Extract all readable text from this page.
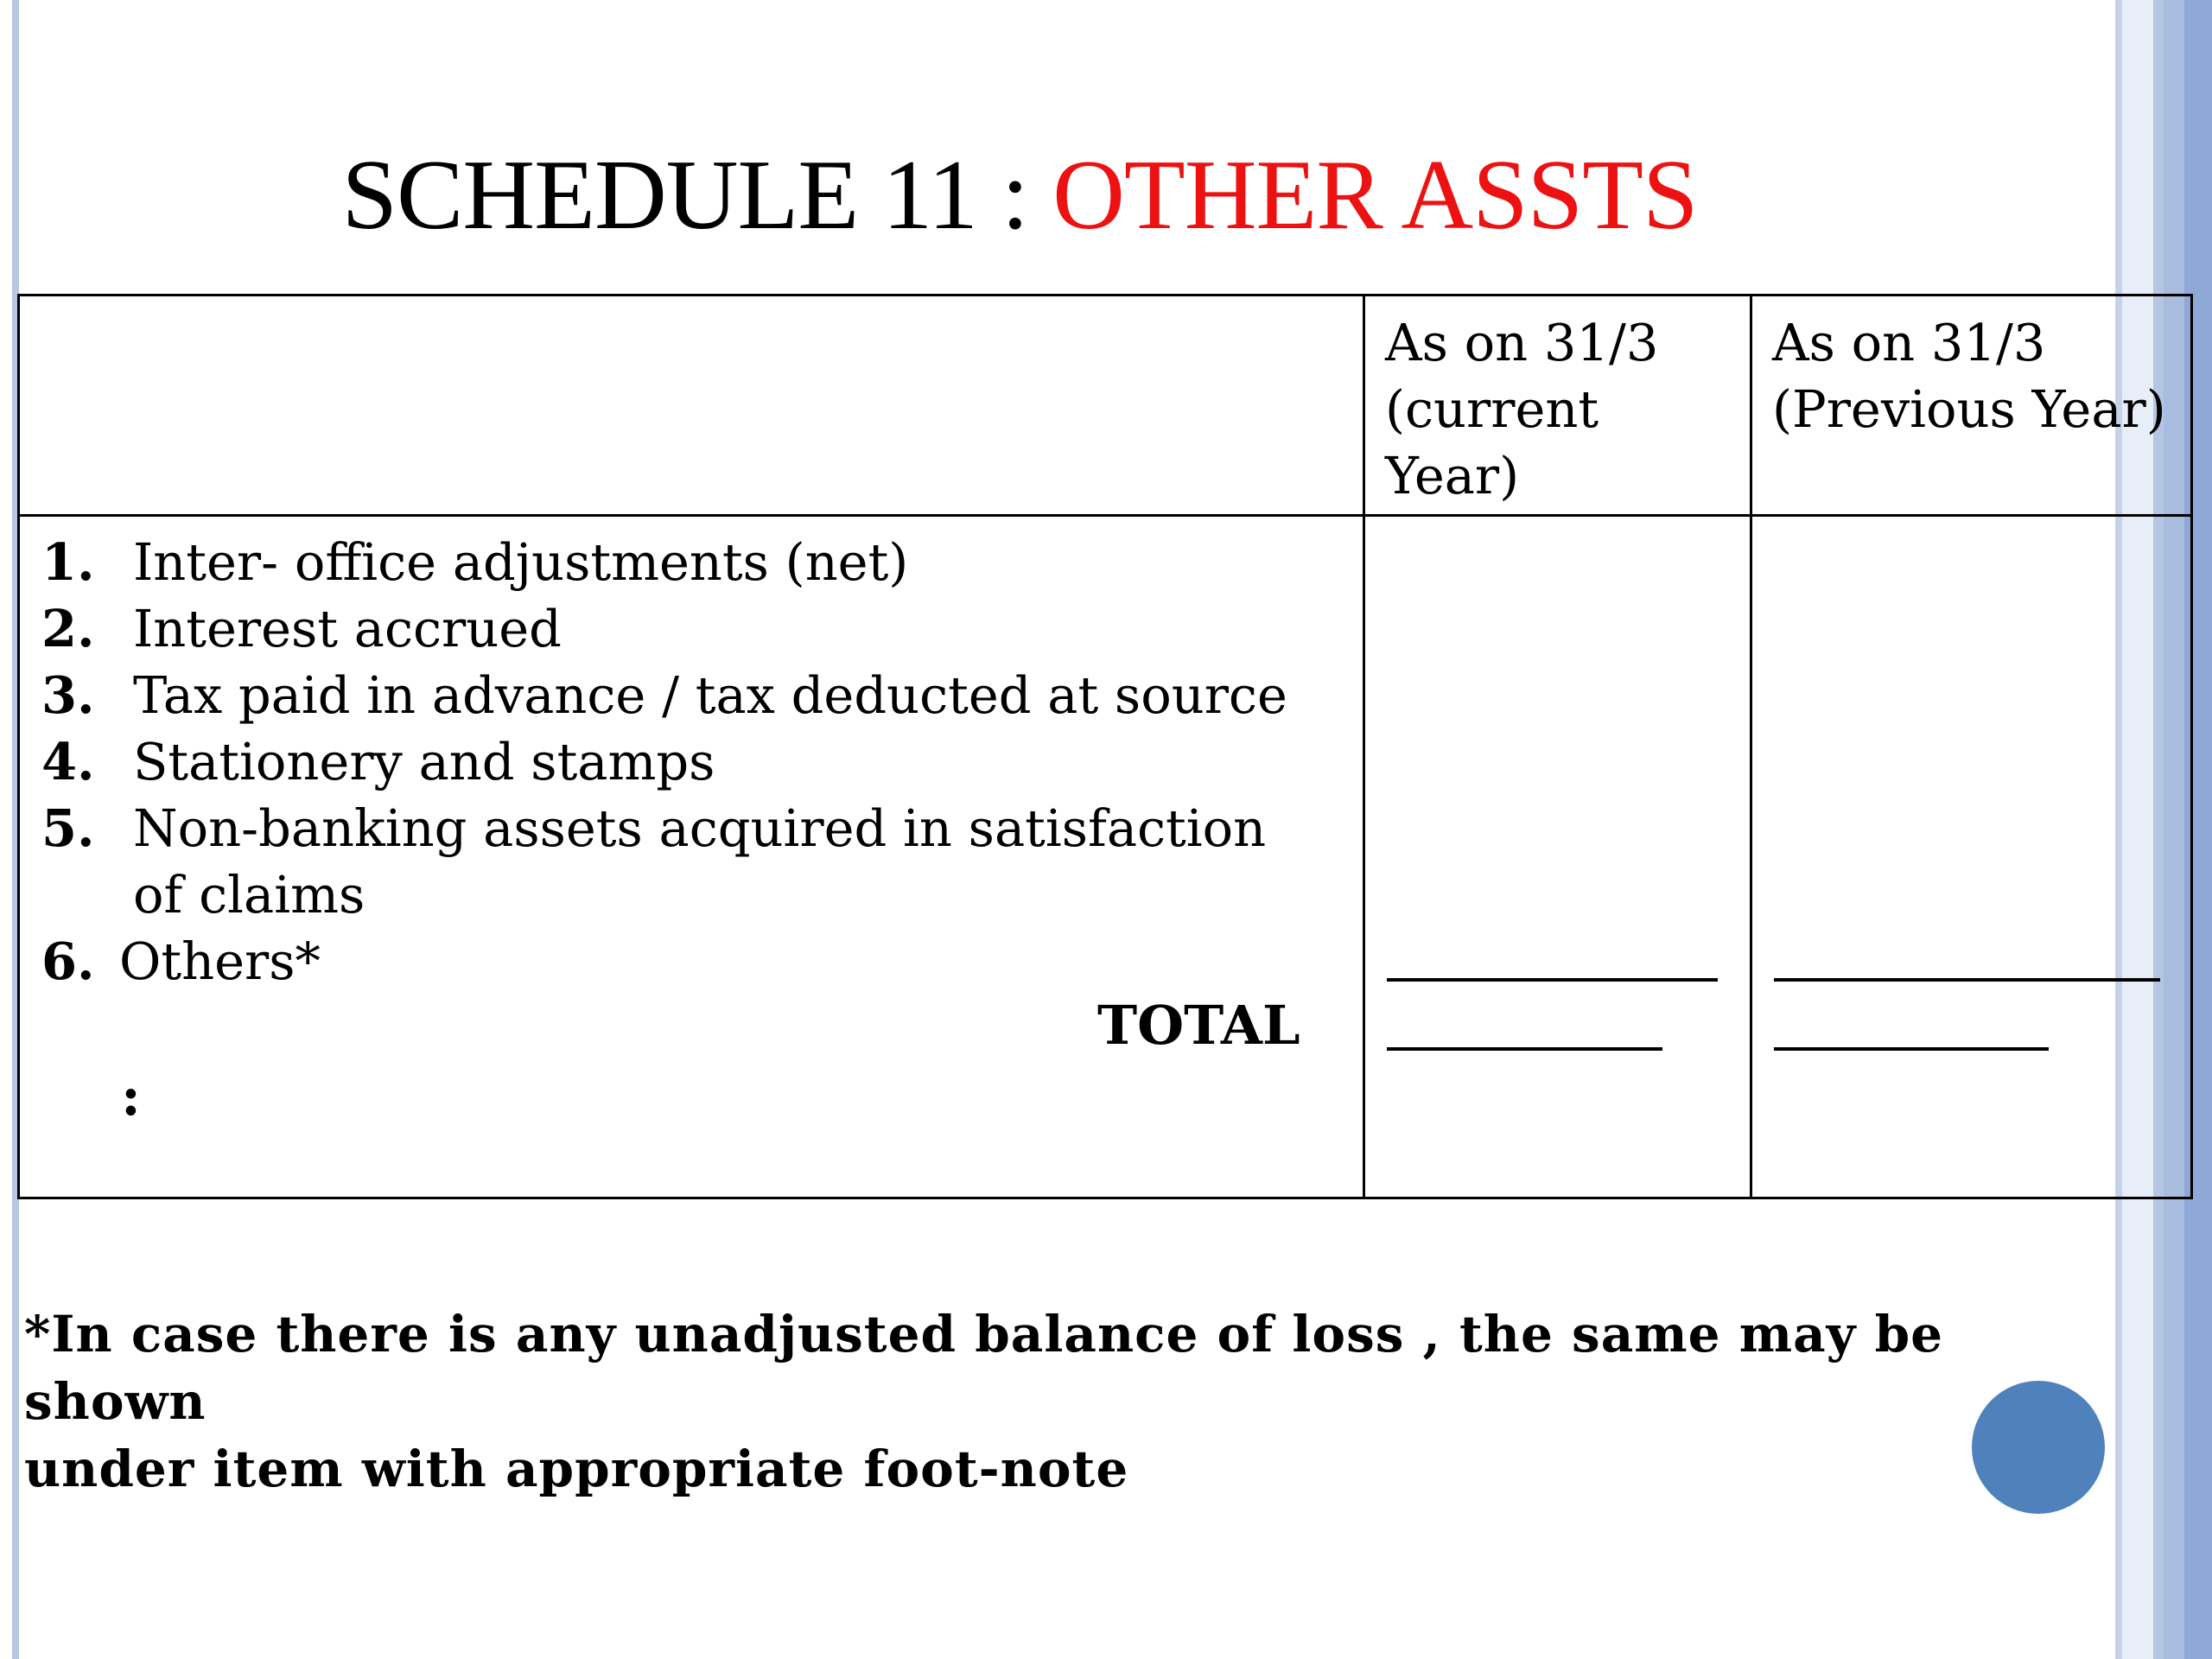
SCHEDULE 11 : OTHER ASSTS
As on 31/3
(current
Year)
As on 31/3
(Previous Year)
1. Inter- office adjustments (net)
2. Interest accrued
3. Tax paid in advance / tax deducted at source
4. Stationery and stamps
5. Non-banking assets acquired in satisfaction
of claims
6. Others*
TOTAL
:
*In case there is any unadjusted balance of loss , the same may be shown
under item with appropriate foot-note
